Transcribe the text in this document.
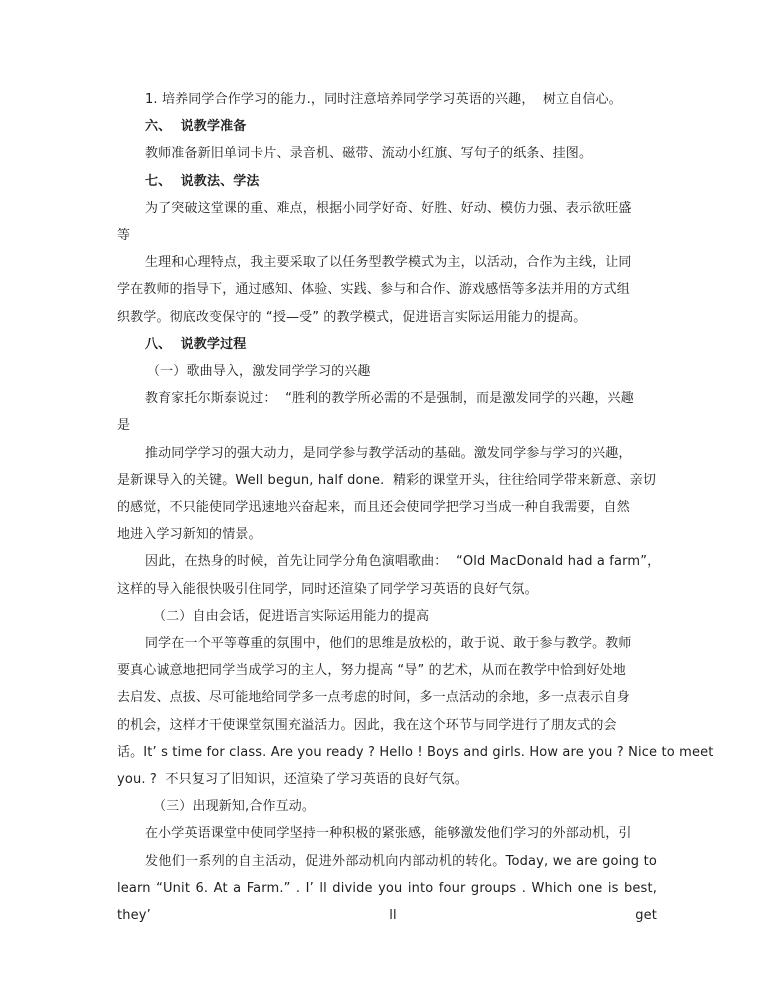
1. 培养同学合作学习的能力.，同时注意培养同学学习英语的兴趣，  树立自信心。
六、  说教学准备
教师准备新旧单词卡片、录音机、磁带、流动小红旗、写句子的纸条、挂图。
七、  说教法、学法
为了突破这堂课的重、难点，根据小同学好奇、好胜、好动、模仿力强、表示欲旺盛
等
生理和心理特点，我主要采取了以任务型教学模式为主，以活动，合作为主线，让同
学在教师的指导下，通过感知、体验、实践、参与和合作、游戏感悟等多法并用的方式组
织教学。彻底改变保守的 “授—受” 的教学模式，促进语言实际运用能力的提高。
八、  说教学过程
（一）歌曲导入，激发同学学习的兴趣
教育家托尔斯泰说过：  “胜利的教学所必需的不是强制，而是激发同学的兴趣，兴趣
是
推动同学学习的强大动力，是同学参与教学活动的基础。激发同学参与学习的兴趣，
是新课导入的关键。Well begun, half done.  精彩的课堂开头，往往给同学带来新意、亲切
的感觉，不只能使同学迅速地兴奋起来，而且还会使同学把学习当成一种自我需要，自然
地进入学习新知的情景。
因此，在热身的时候，首先让同学分角色演唱歌曲：  “Old MacDonald had a farm”，
这样的导入能很快吸引住同学，同时还渲染了同学学习英语的良好气氛。
（二）自由会话，促进语言实际运用能力的提高
同学在一个平等尊重的氛围中，他们的思维是放松的，敢于说、敢于参与教学。教师
要真心诚意地把同学当成学习的主人，努力提高 “导” 的艺术，从而在教学中恰到好处地
去启发、点拔、尽可能地给同学多一点考虑的时间，多一点活动的余地，多一点表示自身
的机会，这样才干使课堂氛围充溢活力。因此，我在这个环节与同学进行了朋友式的会
话。It’ s time for class. Are you ready ? Hello ! Boys and girls. How are you ? Nice to meet
you. ?  不只复习了旧知识，还渲染了学习英语的良好气氛。
（三）出现新知,合作互动。
在小学英语课堂中使同学坚持一种积极的紧张感，能够激发他们学习的外部动机，引
发他们一系列的自主活动，促进外部动机向内部动机的转化。Today, we are going to
learn “Unit 6. At a Farm.” . I’ ll divide you into four groups . Which one is best, they’ ll get
